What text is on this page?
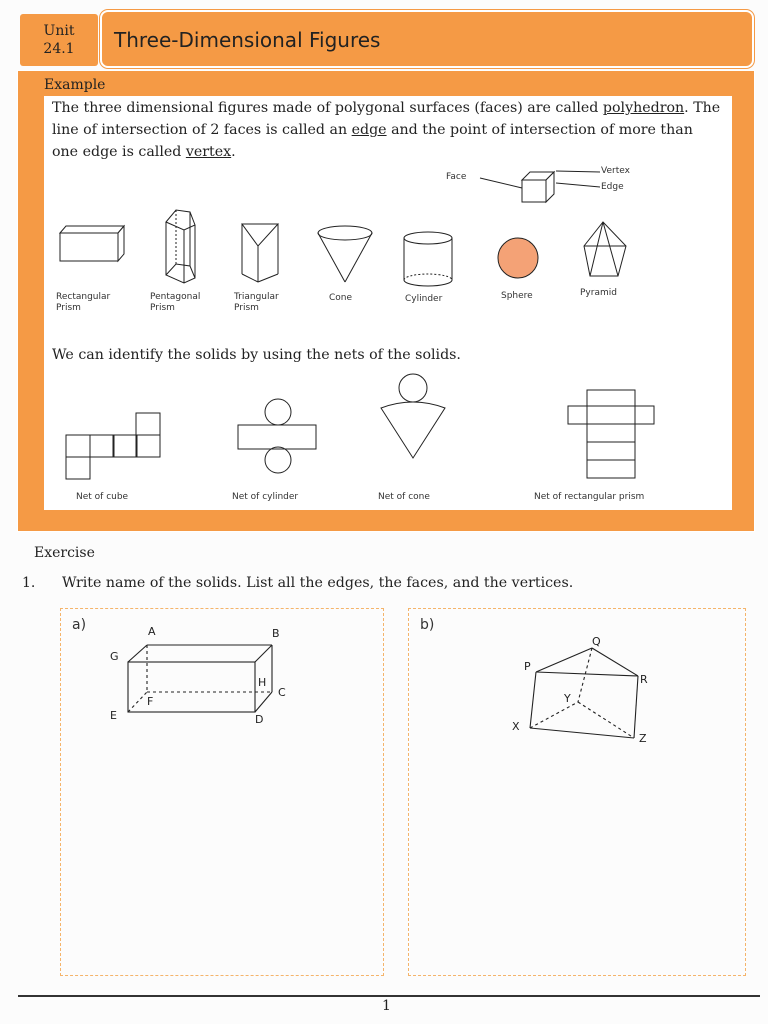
Unit
24.1	Three-Dimensional Figures
Example
The three dimensional figures made of polygonal surfaces (faces) are called polyhedron. The line of intersection of 2 faces is called an edge and the point of intersection of more than one edge is called vertex.
Face
Vertex
Edge
Rectangular
Prism
Pentagonal
Prism
Triangular
Prism
Cone	Cylinder	Sphere	Pyramid
We can identify the solids by using the nets of the solids.
Net of cube	Net of cylinder	Net of cone	Net of rectangular prism
Exercise
1. Write name of the solids. List all the edges, the faces, and the vertices.
a)	b)
A	B
C
D
E
F
G
H
P
Q
R
X
Y
Z
1
